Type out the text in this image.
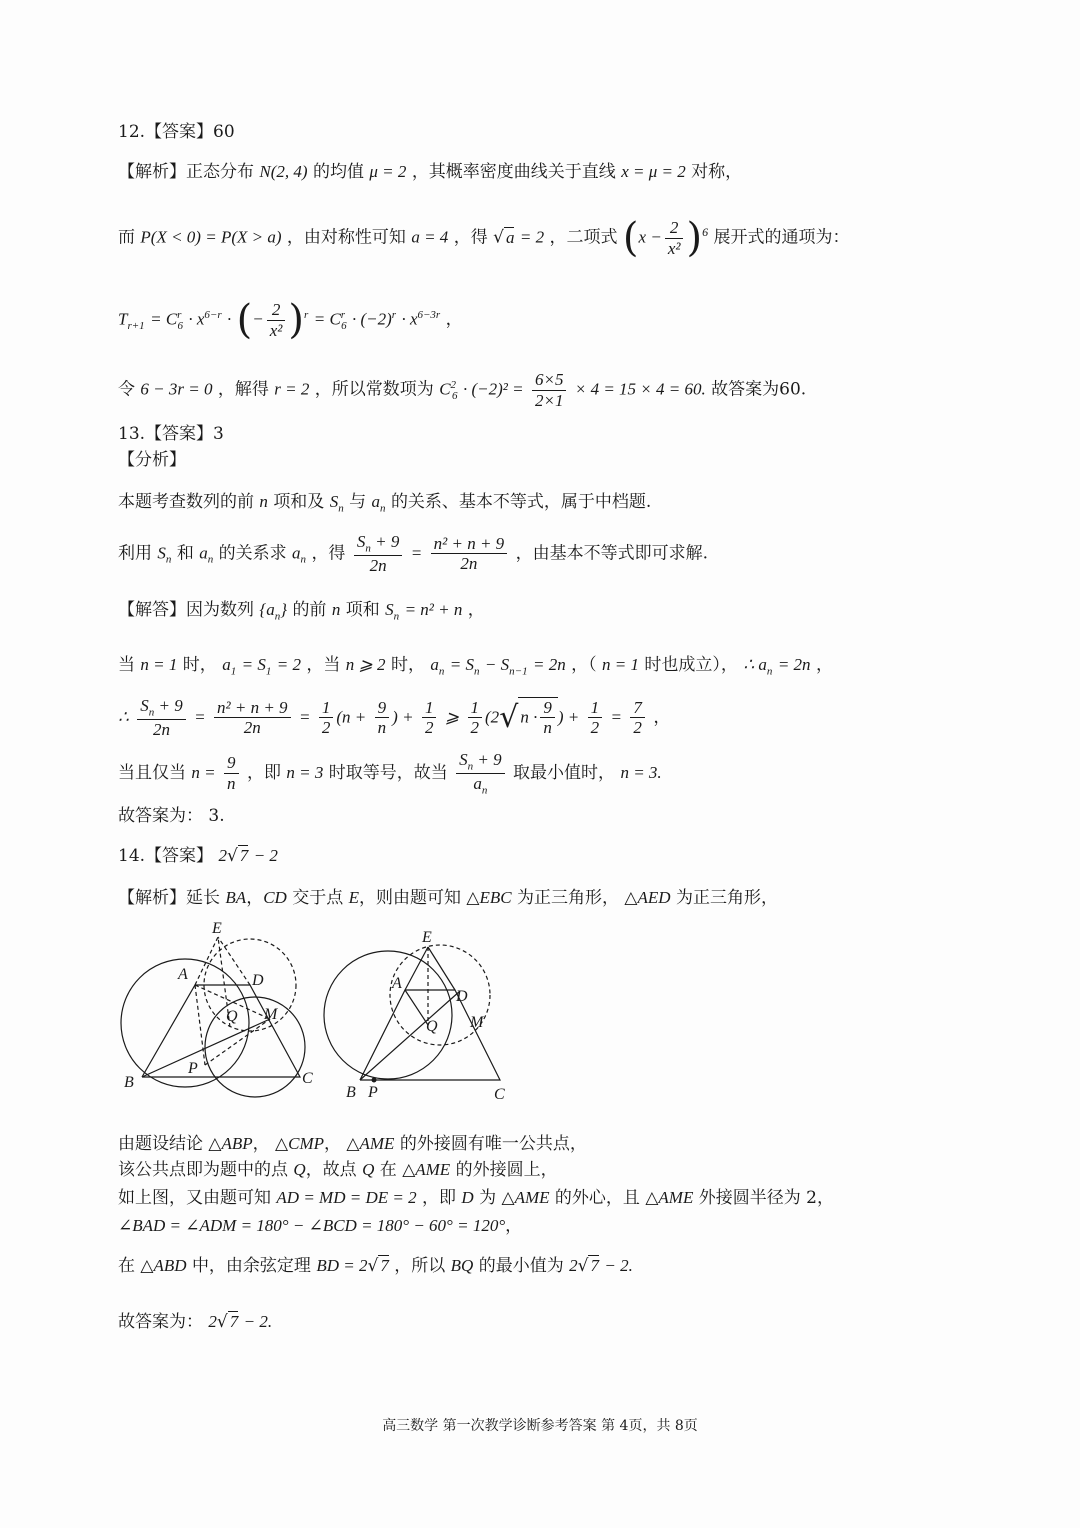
12.【答案】60
【解析】正态分布 N(2, 4) 的均值 μ = 2 ，其概率密度曲线关于直线 x = μ = 2 对称，
而 P(X < 0) = P(X > a) ，由对称性可知 a = 4 ，得 √ a = 2 ，二项式 $(x - \frac{2}{\text{x²}} )^6$ 展开式的通项为：
$T_{r+1} = C^r_6 \cdot x^{6-r}$ · (− $\frac{2}{\text{x²}} )^r = C^r_6 \cdot (-2)^r \cdot x^{6-3r}$ ，
令 6 − 3r = 0 ，解得 r = 2 ，所以常数项为 $C^2_6 \cdot (-2)^2 = \frac{6\times 5}{2\times 1} \times 4 = 15 \times 4 = 60$. 故答案为60.
13.【答案】3
【分析】
本题考查数列的前 n 项和及 $S_n$ 与 $a_n$ 的关系、基本不等式，属于中档题.
利用 $S_n$ 和 $a_n$ 的关系求 $a_n$ ，得 $\frac{S_n + 9}{2n} = \frac{\text{n² + n + 9}}{2n}$ ，由基本不等式即可求解.
【解答】因为数列 $\{a_n\}$ 的前 n 项和 $S_n = n^2 + n$ ，
当 n = 1 时， $a_1 = S_1 = 2$ ，当 n ⩾ 2 时， $a_n = S_n - S_{n-1} = 2n$ ，（ n = 1 时也成立）， ∴ $a_n = 2n$ ，
∴ $\frac{S_n + 9}{2n} = \frac{\text{n² + n + 9}}{2n} = \frac{1}{2} (n + \frac{9}{n}$ ) + $\frac{1}{2}$ ⩾ $\frac{1}{2} (2√$ $n \cdot \frac{9}{n}$ ) + $\frac{1}{2} = \frac{7}{2}$ ，
当且仅当 $n = \frac{9}{n}$ ，即 n = 3 时取等号，故当 $\frac{S_n + 9}{a_n}$ 取最小值时， n = 3.
故答案为： 3.
14.【答案】 2√ 7 − 2
【解析】延长 BA，CD 交于点 E，则由题可知 △EBC 为正三角形， △AED 为正三角形，
E
A	D
Q M
P
B	C
E
A
D
Q M
B P	C
由题设结论 △ABP， △CMP， △AME 的外接圆有唯一公共点，
该公共点即为题中的点 Q，故点 Q 在 △AME 的外接圆上，
如上图，又由题可知 AD = MD = DE = 2 ，即 D 为 △AME 的外心，且 △AME 外接圆半径为 2，
∠BAD = ∠ADM = 180° − ∠BCD = 180° − 60° = 120°，
在 △ABD 中，由余弦定理 BD = 2√ 7 ，所以 BQ 的最小值为 2√ 7 − 2.
故答案为： 2√ 7 − 2.
高三数学 第一次教学诊断参考答案 第 4页，共 8页
